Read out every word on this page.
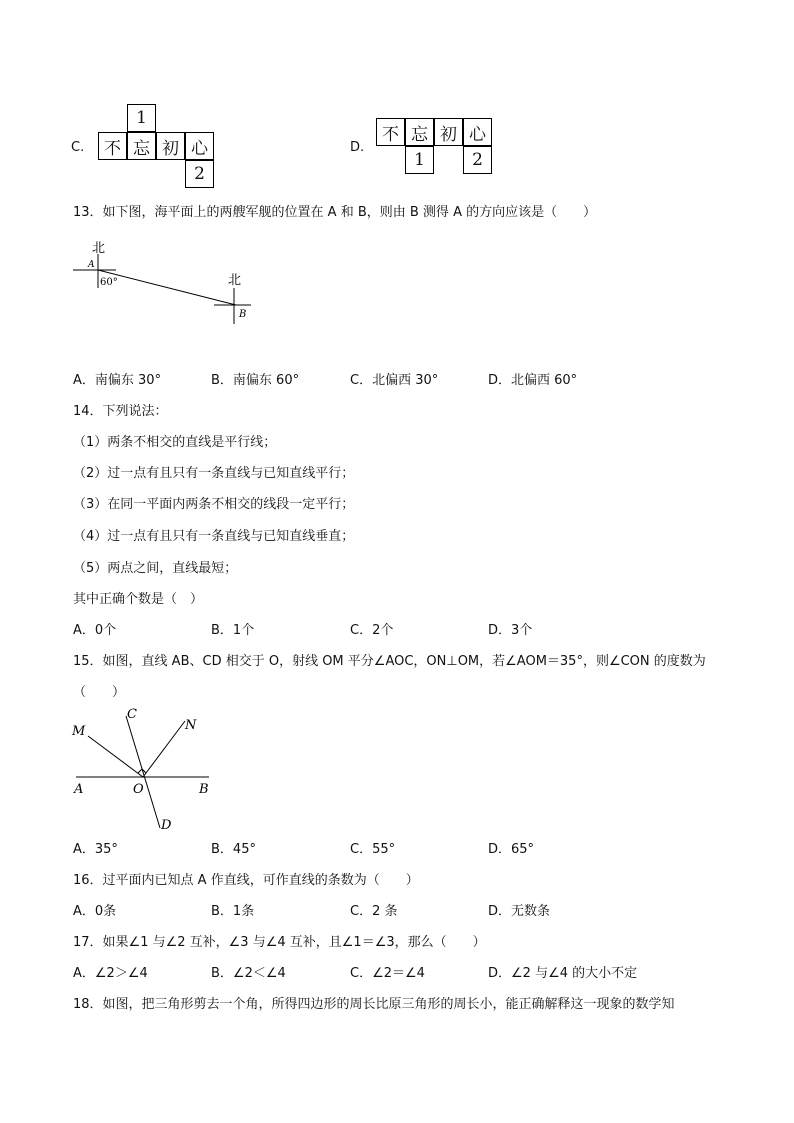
C.
1
不 忘 初 心
2
D.
不 忘 初 心
1	2
13．如下图，海平面上的两艘军舰的位置在 A 和 B，则由 B 测得 A 的方向应该是（　　）
北
A
60°	北
B
A．南偏东 30°	B．南偏东 60°	C．北偏西 30°	D．北偏西 60°
14．下列说法：
（1）两条不相交的直线是平行线；
（2）过一点有且只有一条直线与已知直线平行；
（3）在同一平面内两条不相交的线段一定平行；
（4）过一点有且只有一条直线与已知直线垂直；
（5）两点之间，直线最短；
其中正确个数是（　）
A．0个	B．1个	C．2个	D．3个
15．如图，直线 AB、CD 相交于 O，射线 OM 平分∠AOC，ON⊥OM，若∠AOM＝35°，则∠CON 的度数为
（　　）
M
C
N
A	O	B
D
A．35°	B．45°	C．55°	D．65°
16．过平面内已知点 A 作直线，可作直线的条数为（　　）
A．0条	B．1条	C．2 条	D．无数条
17．如果∠1 与∠2 互补，∠3 与∠4 互补，且∠1＝∠3，那么（　　）
A．∠2＞∠4	B．∠2＜∠4	C．∠2＝∠4	D．∠2 与∠4 的大小不定
18．如图，把三角形剪去一个角，所得四边形的周长比原三角形的周长小，能正确解释这一现象的数学知
